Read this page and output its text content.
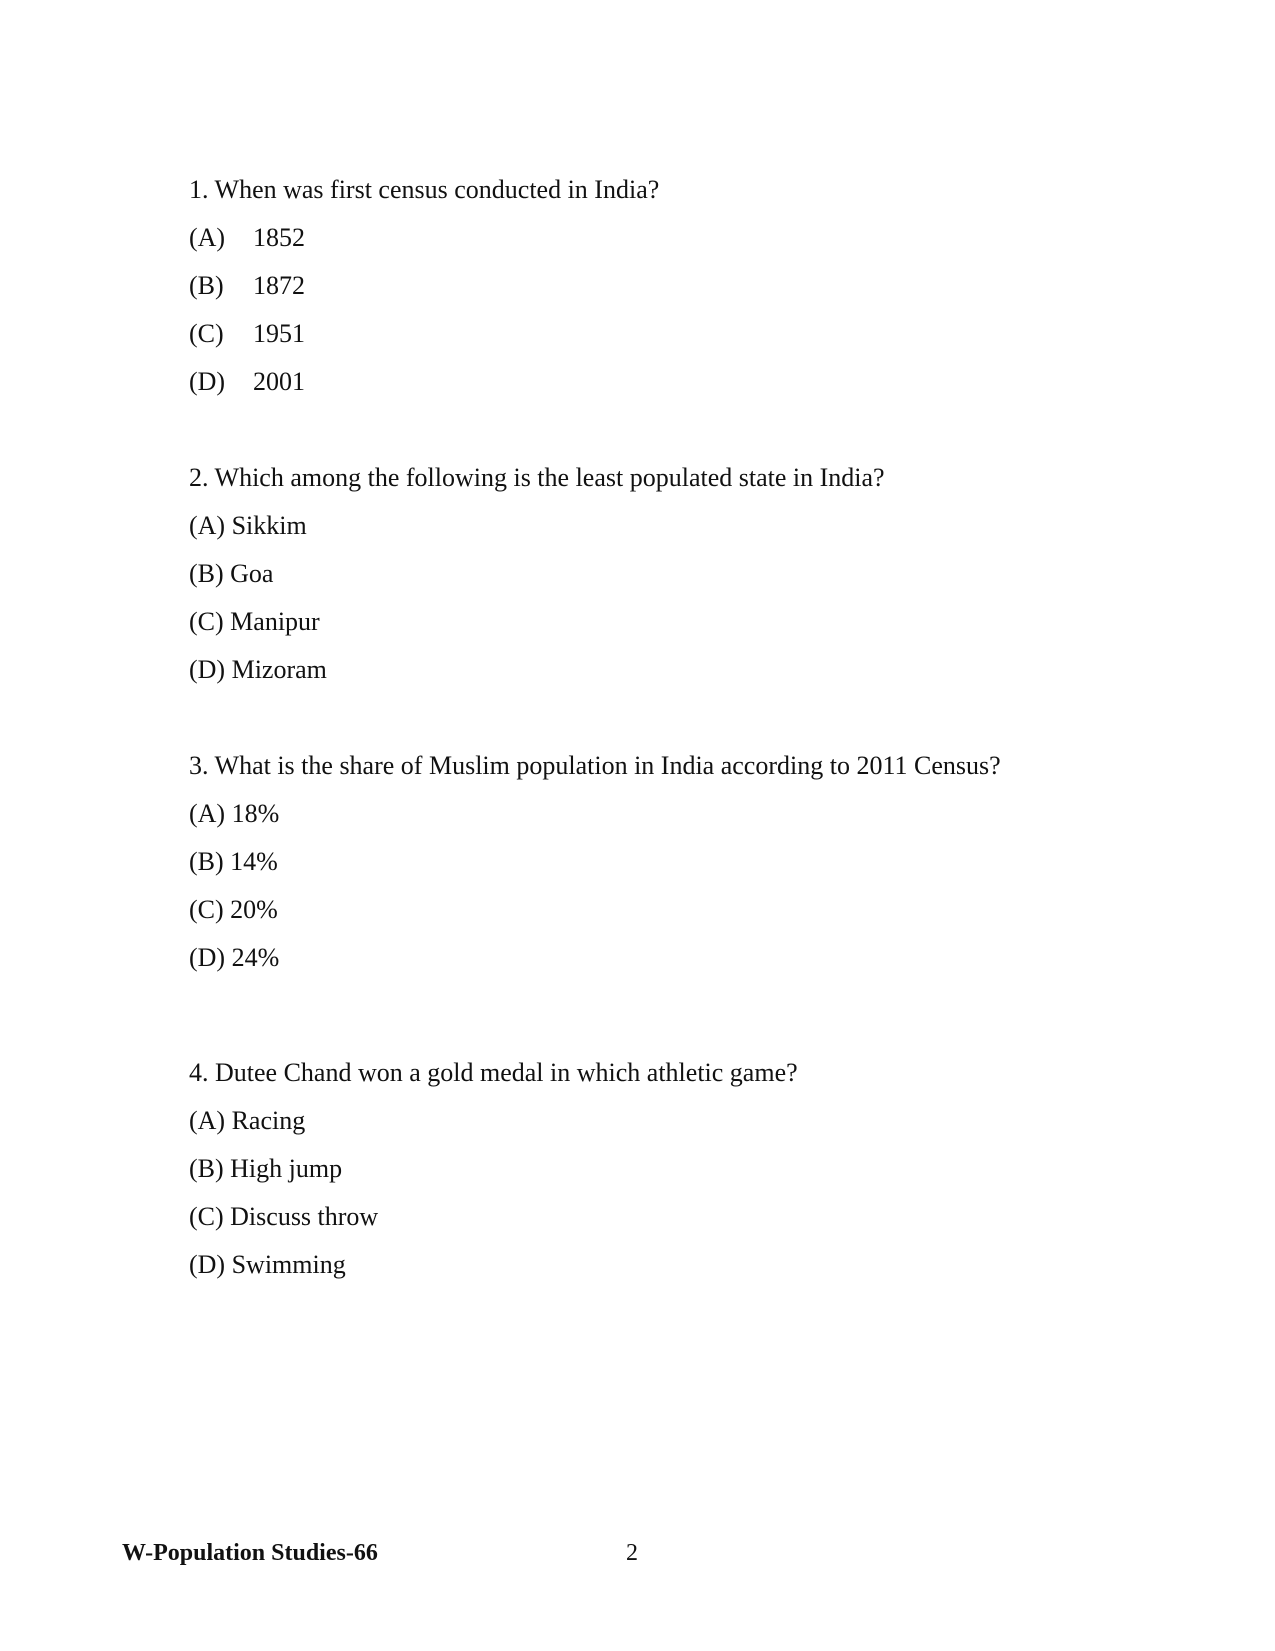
1. When was first census conducted in India?

(A)	1852
(B)	1872
(C)	1951
(D)	2001

2. Which among the following is the least populated state in India?

(A) Sikkim
(B) Goa
(C) Manipur
(D) Mizoram

3. What is the share of Muslim population in India according to 2011 Census?

(A) 18%
(B) 14%
(C) 20%
(D) 24%

4. Dutee Chand won a gold medal in which athletic game?

(A) Racing
(B) High jump
(C) Discuss throw
(D) Swimming
W-Population Studies-66	2
